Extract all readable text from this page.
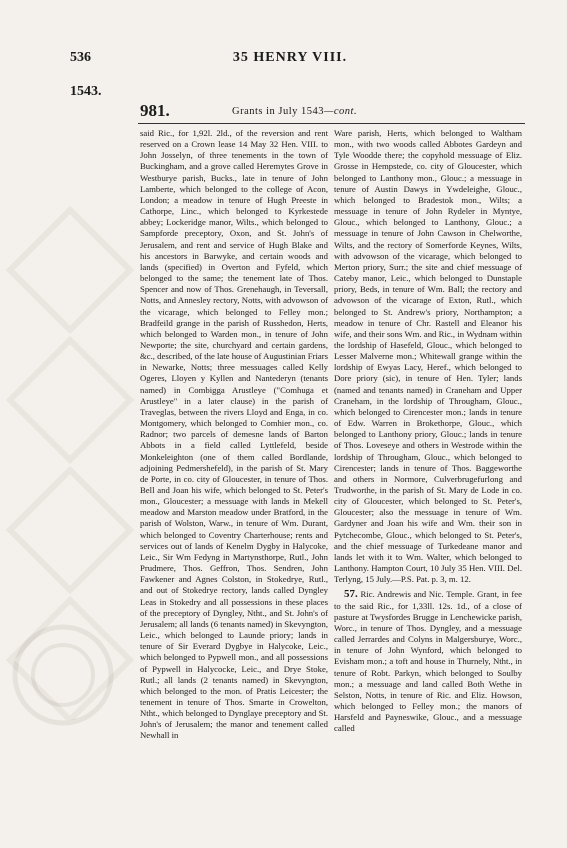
536	35 HENRY VIII.
1543.
981.	Grants in July 1543—cont.

said Ric., for 1,92l. 2ld., of the reversion and rent reserved on a Crown lease 14 May 32 Hen. VIII. to John Josselyn, of three tenements in the town of Buckingham, and a grove called Heremytes Grove in Westburye parish, Bucks., late in tenure of John Lamberte, which belonged to the college of Acon, London; a meadow in tenure of Hugh Preeste in Cathorpe, Linc., which belonged to Kyrkestede abbey; Lockeridge manor, Wilts., which belonged to Sampforde preceptory, Oxon, and St. John's of Jerusalem, and rent and service of Hugh Blake and his ancestors in Barwyke, and certain woods and lands (specified) in Overton and Fyfeld, which belonged to the same; the tenement late of Thos. Spencer and now of Thos. Grenehaugh, in Teversall, Notts, and Annesley rectory, Notts, with advowson of the vicarage, which belonged to Felley mon.; Bradfeild grange in the parish of Russhedon, Herts, which belonged to Warden mon., in tenure of John Newporte; the site, churchyard and certain gardens, &c., described, of the late house of Augustinian Friars in Newarke, Notts; three messuages called Kelly Ogeres, Lloyen y Kyllen and Nantederyn (tenants named) in Combigga Arustleye ("Comhuga et Arustleye" in a later clause) in the parish of Traveglas, between the rivers Lloyd and Enga, in co. Montgomery, which belonged to Comhier mon., co. Radnor; two parcels of demesne lands of Barton Abbots in a field called Lyttlefeld, beside Monkeleighton (one of them called Bordlande, adjoining Pedmershefeld), in the parish of St. Mary de Porte, in co. city of Gloucester, in tenure of Thos. Bell and Joan his wife, which belonged to St. Peter's mon., Gloucester; a messuage with lands in Mekell meadow and Marston meadow under Bratford, in the parish of Wolston, Warw., in tenure of Wm. Durant, which belonged to Coventry Charterhouse; rents and services out of lands of Kenelm Dygby in Halycoke, Leic., Sir Wm Fedyng in Martynsthorpe, Rutl., John Prudmere, Thos. Geffron, Thos. Sendren, John Fawkener and Agnes Colston, in Stokedrye, Rutl., and out of Stokedrye rectory, lands called Dyngley Leas in Stokedry and all possessions in these places of the preceptory of Dyngley, Ntht., and St. John's of Jerusalem; all lands (6 tenants named) in Skevyngton, Leic., which belonged to Launde priory; lands in tenure of Sir Everard Dygbye in Halycoke, Leic., which belonged to Pypwell mon., and all possessions of Pypwell in Halycocke, Leic., and Drye Stoke, Rutl.; all lands (2 tenants named) in Skevyngton, which belonged to the mon. of Pratis Leicester; the tenement in tenure of Thos. Smarte in Crowelton, Ntht., which belonged to Dynglaye preceptory and St. John's of Jerusalem; the manor and tenement called Newhall in

Ware parish, Herts, which belonged to Waltham mon., with two woods called Abbotes Gardeyn and Tyle Woodde there; the copyhold messuage of Eliz. Grosse in Hempstede, co. city of Gloucester, which belonged to Lanthony mon., Glouc.; a messuage in tenure of Austin Dawys in Ywdeleighe, Glouc., which belonged to Bradestok mon., Wilts; a messuage in tenure of John Rydeler in Myntye, Glouc., which belonged to Lanthony, Glouc.; a messuage in tenure of John Cawson in Chelworthe, Wilts, and the rectory of Somerforde Keynes, Wilts, with advowson of the vicarage, which belonged to Merton priory, Surr.; the site and chief messuage of Cateby manor, Leic., which belonged to Dunstaple priory, Beds, in tenure of Wm. Ball; the rectory and advowson of the vicarage of Exton, Rutl., which belonged to St. Andrew's priory, Northampton; a meadow in tenure of Chr. Rastell and Eleanor his wife, and their sons Wm. and Ric., in Wydnam within the lordship of Hasefeld, Glouc., which belonged to Lesser Malverne mon.; Whitewall grange within the lordship of Ewyas Lacy, Heref., which belonged to Dore priory (sic), in tenure of Hen. Tyler; lands (named and tenants named) in Craneham and Upper Craneham, in the lordship of Througham, Glouc., which belonged to Cirencester mon.; lands in tenure of Edw. Warren in Brokethorpe, Glouc., which belonged to Lanthony priory, Glouc.; lands in tenure of Thos. Loveseye and others in Westrode within the lordship of Througham, Glouc., which belonged to Cirencester; lands in tenure of Thos. Baggeworthe and others in Normore, Culverbrugefurlong and Trudworthe, in the parish of St. Mary de Lode in co. city of Gloucester, which belonged to St. Peter's, Gloucester; also the messuage in tenure of Wm. Gardyner and Joan his wife and Wm. their son in Pytchecombe, Glouc., which belonged to St. Peter's, and the chief messuage of Turkedeane manor and lands let with it to Wm. Walter, which belonged to Lanthony. Hampton Court, 10 July 35 Hen. VIII. Del. Terlyng, 15 July.—P.S. Pat. p. 3, m. 12.

57. Ric. Andrewis and Nic. Temple. Grant, in fee to the said Ric., for 1,33ll. 12s. 1d., of a close of pasture at Twysfordes Brugge in Lenchewicke parish, Worc., in tenure of Thos. Dyngley, and a messuage called Jerrardes and Colyns in Malgersburye, Worc., in tenure of John Wynford, which belonged to Evisham mon.; a toft and house in Thurnely, Ntht., in tenure of Robt. Parkyn, which belonged to Soulby mon.; a messuage and land called Both Wethe in Selston, Notts, in tenure of Ric. and Eliz. Howson, which belonged to Felley mon.; the manors of Harsfeld and Payneswike, Glouc., and a messuage called
